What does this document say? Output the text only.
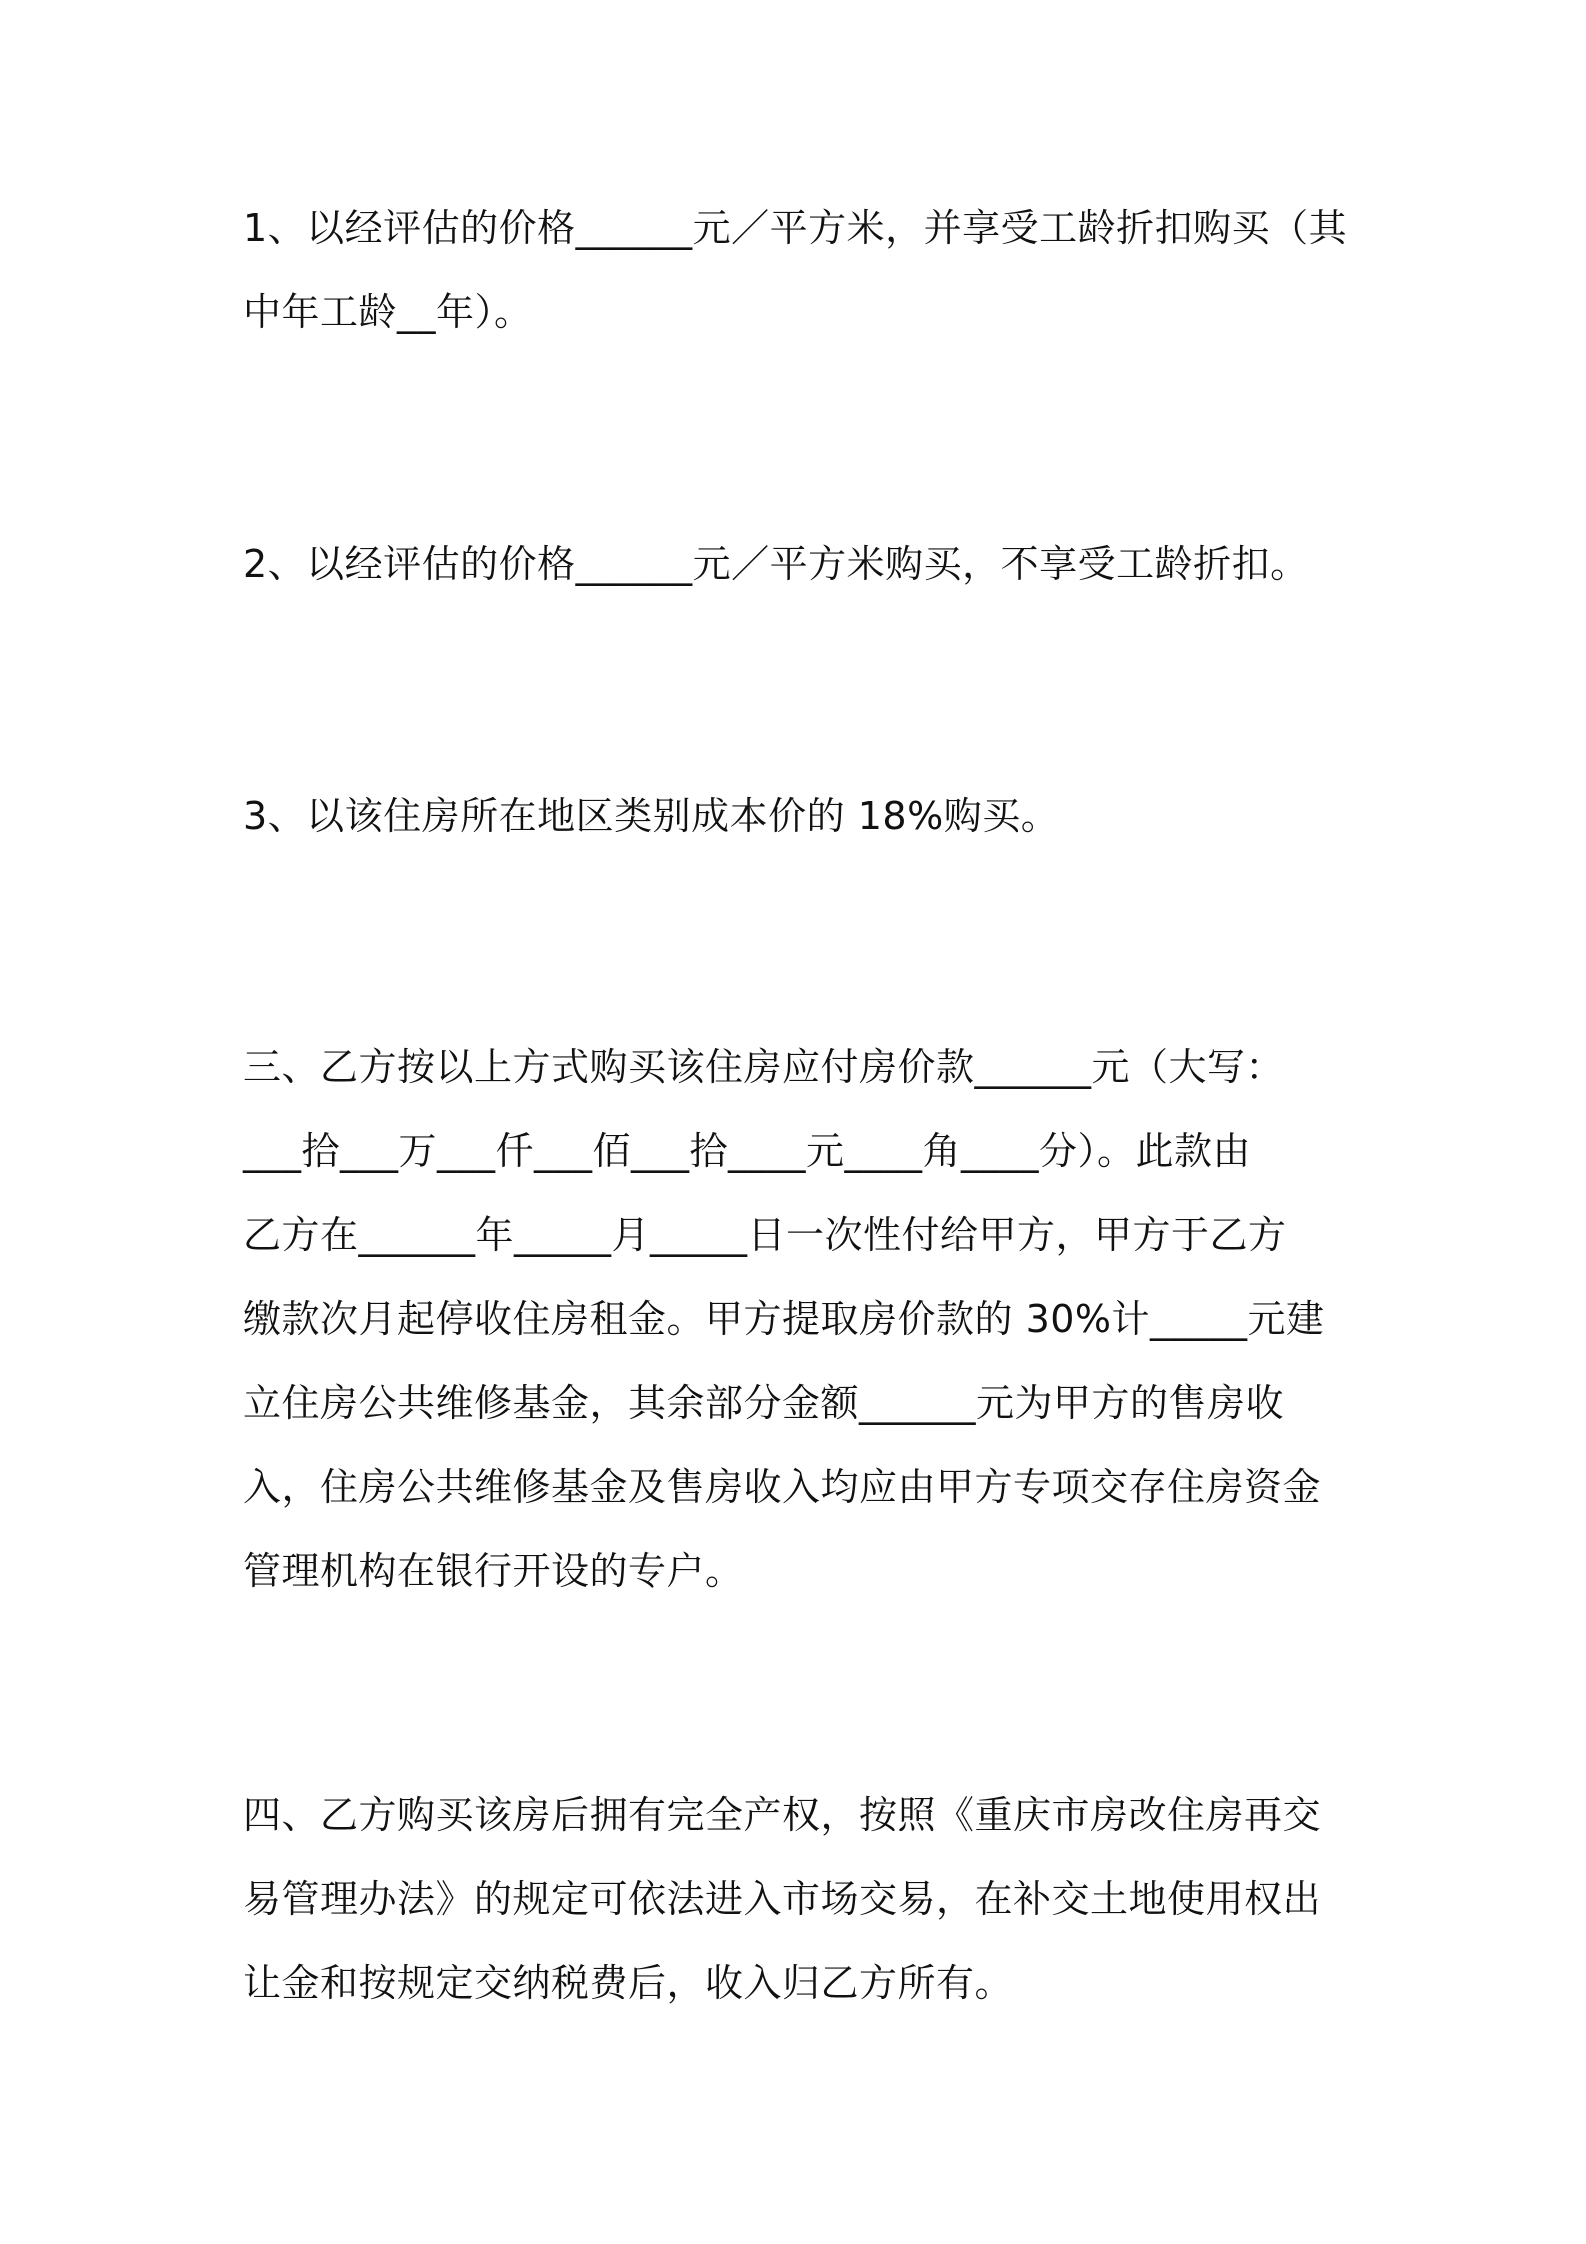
1、以经评估的价格______元／平方米，并享受工龄折扣购买（其
中年工龄__年）。

2、以经评估的价格______元／平方米购买，不享受工龄折扣。

3、以该住房所在地区类别成本价的 18%购买。

三、乙方按以上方式购买该住房应付房价款______元（大写：
___拾___万___仟___佰___拾____元____角____分）。此款由
乙方在______年_____月_____日一次性付给甲方，甲方于乙方
缴款次月起停收住房租金。甲方提取房价款的 30%计_____元建
立住房公共维修基金，其余部分金额______元为甲方的售房收
入，住房公共维修基金及售房收入均应由甲方专项交存住房资金
管理机构在银行开设的专户。

四、乙方购买该房后拥有完全产权，按照《重庆市房改住房再交
易管理办法》的规定可依法进入市场交易，在补交土地使用权出
让金和按规定交纳税费后，收入归乙方所有。
